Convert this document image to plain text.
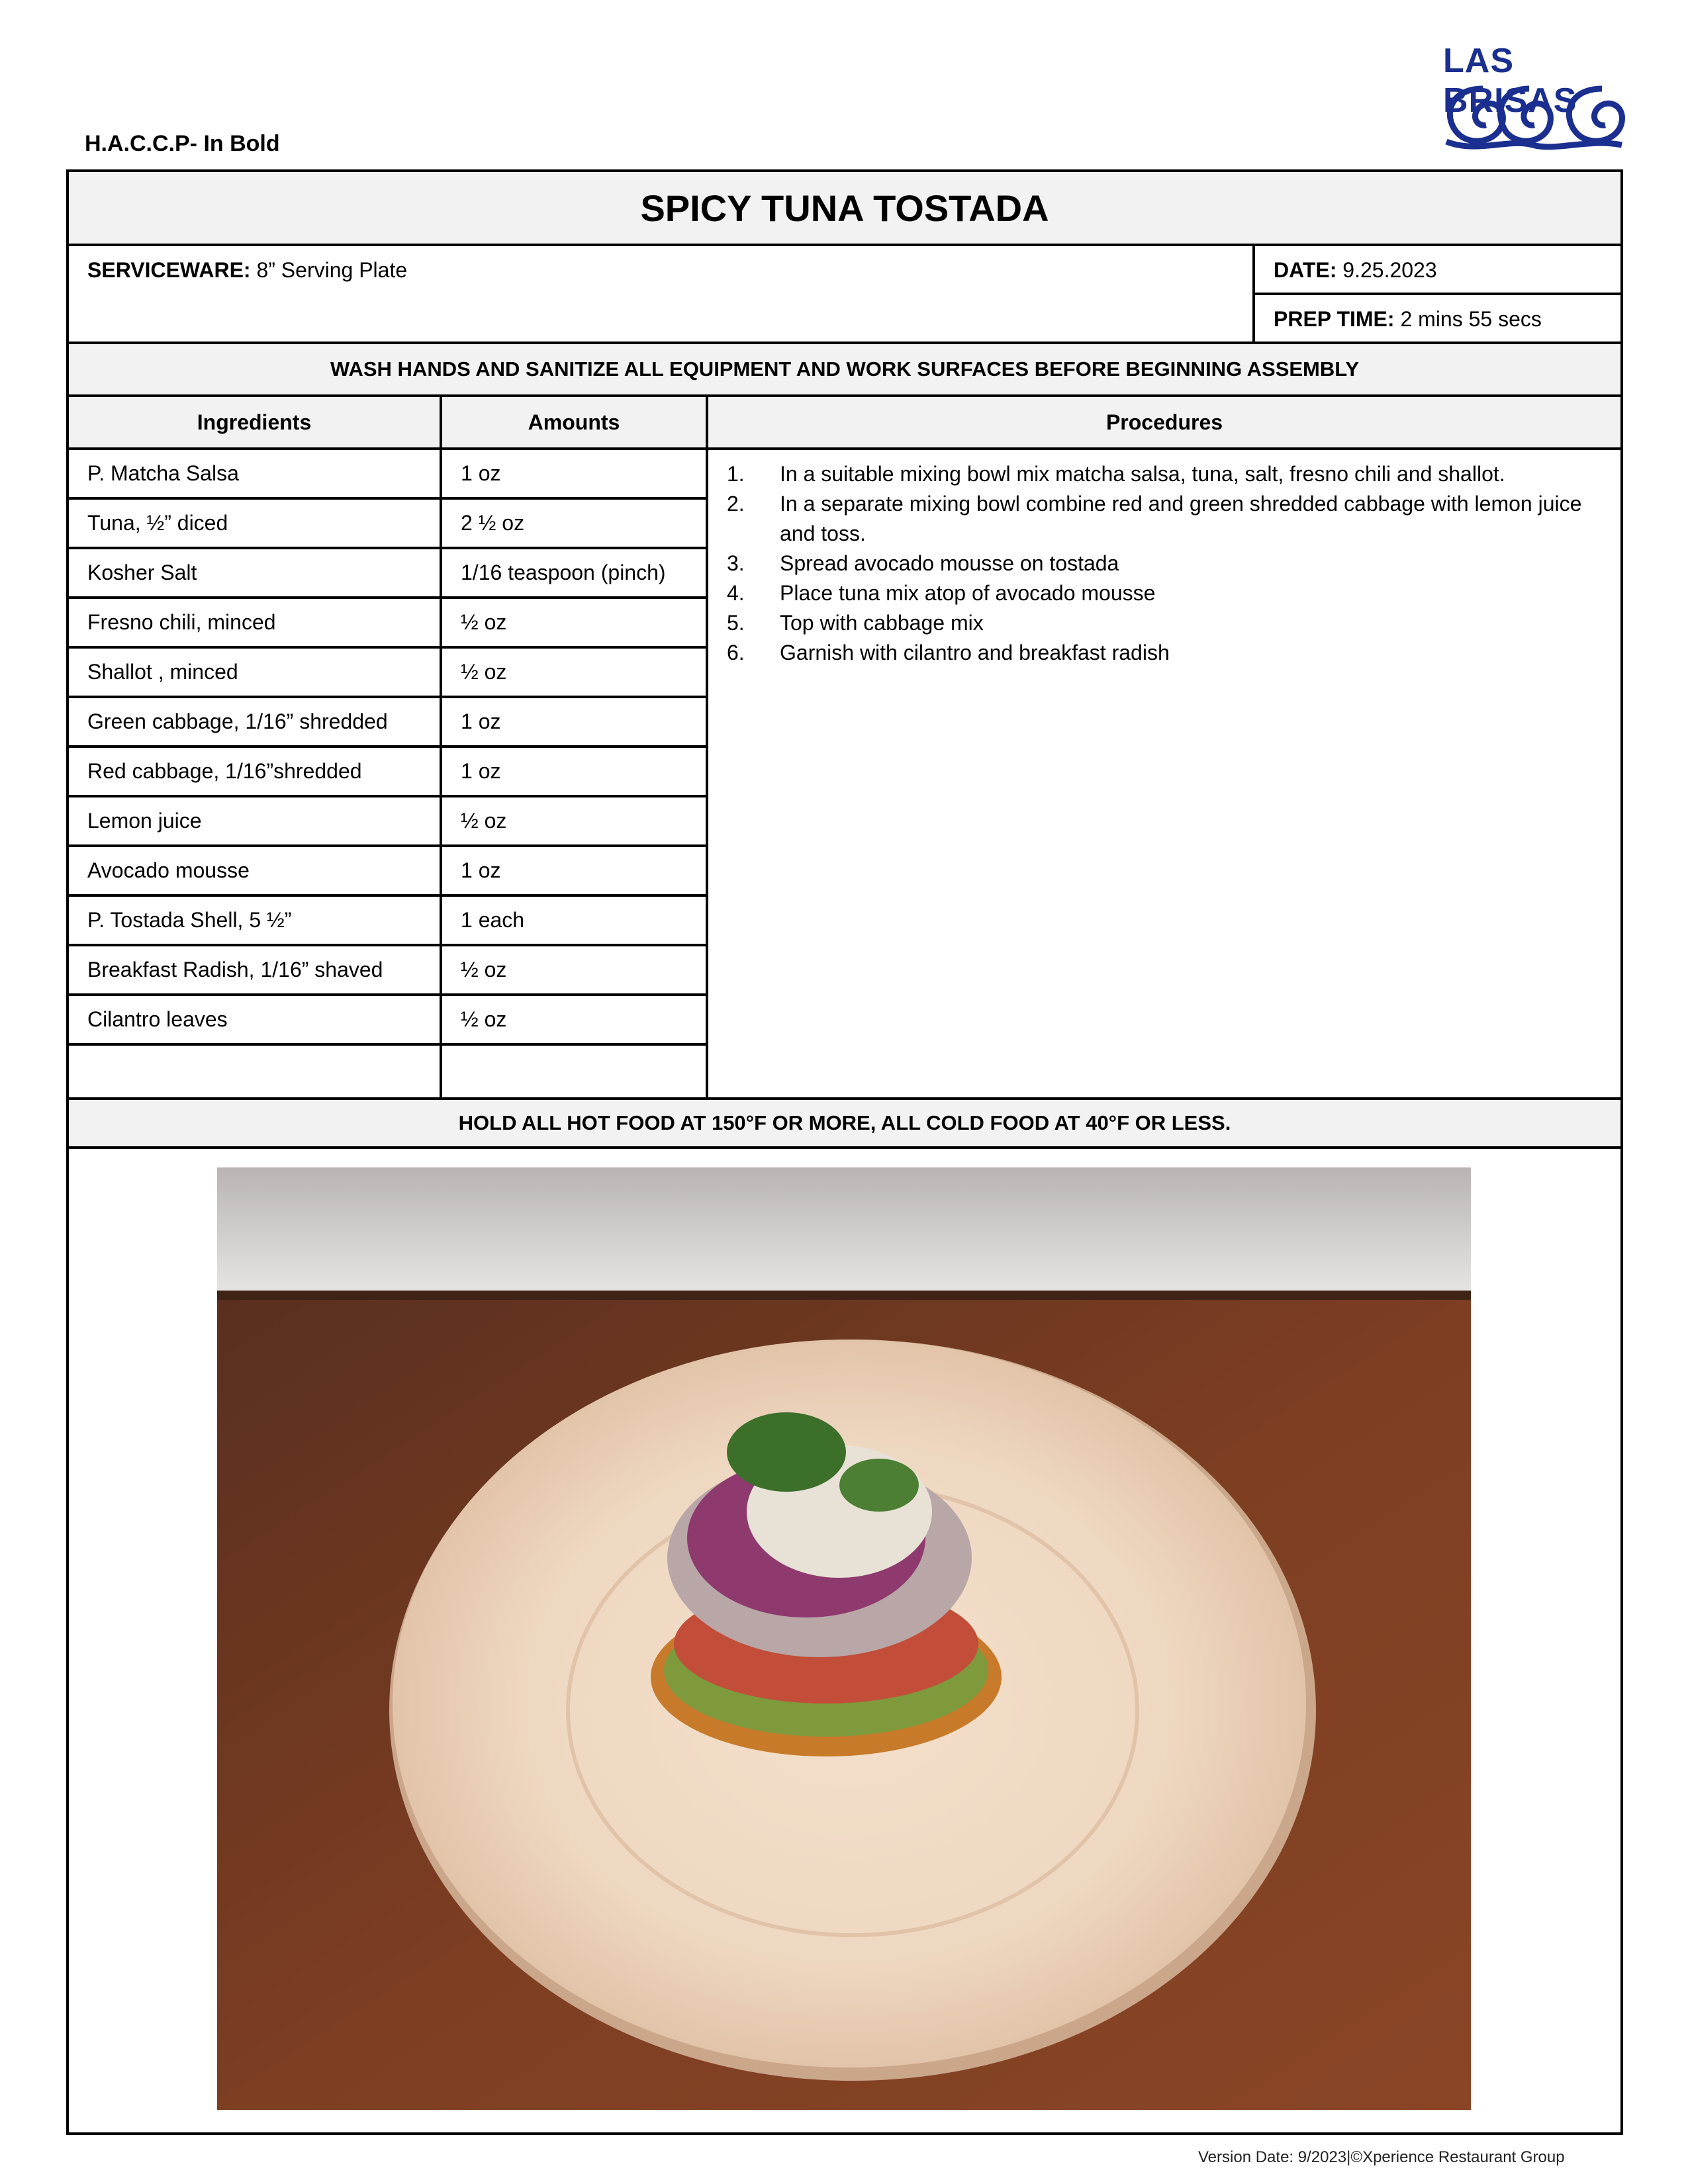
H.A.C.C.P- In Bold
LAS BRISAS
SPICY TUNA TOSTADA
SERVICEWARE: 8” Serving Plate	DATE: 9.25.2023
PREP TIME: 2 mins 55 secs
WASH HANDS AND SANITIZE ALL EQUIPMENT AND WORK SURFACES BEFORE BEGINNING ASSEMBLY
Ingredients	Amounts	Procedures
P. Matcha Salsa	1 oz
Tuna, ½” diced	2 ½ oz
Kosher Salt	1/16 teaspoon (pinch)
Fresno chili, minced	½ oz
Shallot , minced	½ oz
Green cabbage, 1/16” shredded	1 oz
Red cabbage, 1/16”shredded	1 oz
Lemon juice	½ oz
Avocado mousse	1 oz
P. Tostada Shell, 5 ½”	1 each
Breakfast Radish, 1/16” shaved	½ oz
Cilantro leaves	½ oz
1.	In a suitable mixing bowl mix matcha salsa, tuna, salt, fresno chili and shallot.
2.	In a separate mixing bowl combine red and green shredded cabbage with lemon juice and toss.
3.	Spread avocado mousse on tostada
4.	Place tuna mix atop of avocado mousse
5.	Top with cabbage mix
6.	Garnish with cilantro and breakfast radish
HOLD ALL HOT FOOD AT 150°F OR MORE, ALL COLD FOOD AT 40°F OR LESS.
Version Date: 9/2023|©Xperience Restaurant Group
